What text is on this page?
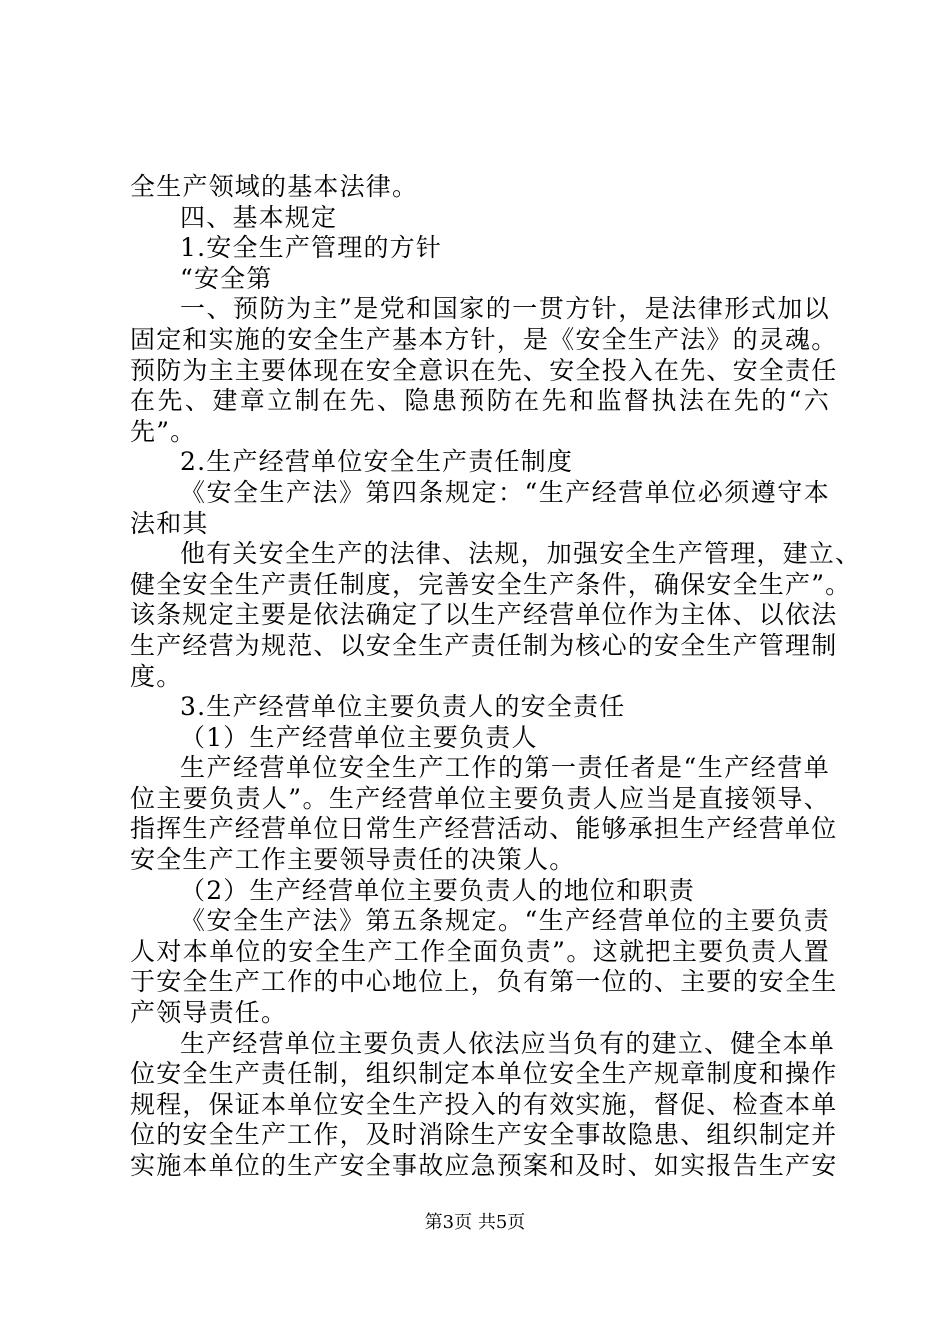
全生产领域的基本法律。
四、基本规定
1.安全生产管理的方针
“安全第
一、预防为主”是党和国家的一贯方针，是法律形式加以
固定和实施的安全生产基本方针，是《安全生产法》的灵魂。
预防为主主要体现在安全意识在先、安全投入在先、安全责任
在先、建章立制在先、隐患预防在先和监督执法在先的“六
先”。
2.生产经营单位安全生产责任制度
《安全生产法》第四条规定：“生产经营单位必须遵守本
法和其
他有关安全生产的法律、法规，加强安全生产管理，建立、
健全安全生产责任制度，完善安全生产条件，确保安全生产”。
该条规定主要是依法确定了以生产经营单位作为主体、以依法
生产经营为规范、以安全生产责任制为核心的安全生产管理制
度。
3.生产经营单位主要负责人的安全责任
（1）生产经营单位主要负责人
生产经营单位安全生产工作的第一责任者是“生产经营单
位主要负责人”。生产经营单位主要负责人应当是直接领导、
指挥生产经营单位日常生产经营活动、能够承担生产经营单位
安全生产工作主要领导责任的决策人。
（2）生产经营单位主要负责人的地位和职责
《安全生产法》第五条规定。“生产经营单位的主要负责
人对本单位的安全生产工作全面负责”。这就把主要负责人置
于安全生产工作的中心地位上，负有第一位的、主要的安全生
产领导责任。
生产经营单位主要负责人依法应当负有的建立、健全本单
位安全生产责任制，组织制定本单位安全生产规章制度和操作
规程，保证本单位安全生产投入的有效实施，督促、检查本单
位的安全生产工作，及时消除生产安全事故隐患、组织制定并
实施本单位的生产安全事故应急预案和及时、如实报告生产安
第3页 共5页
